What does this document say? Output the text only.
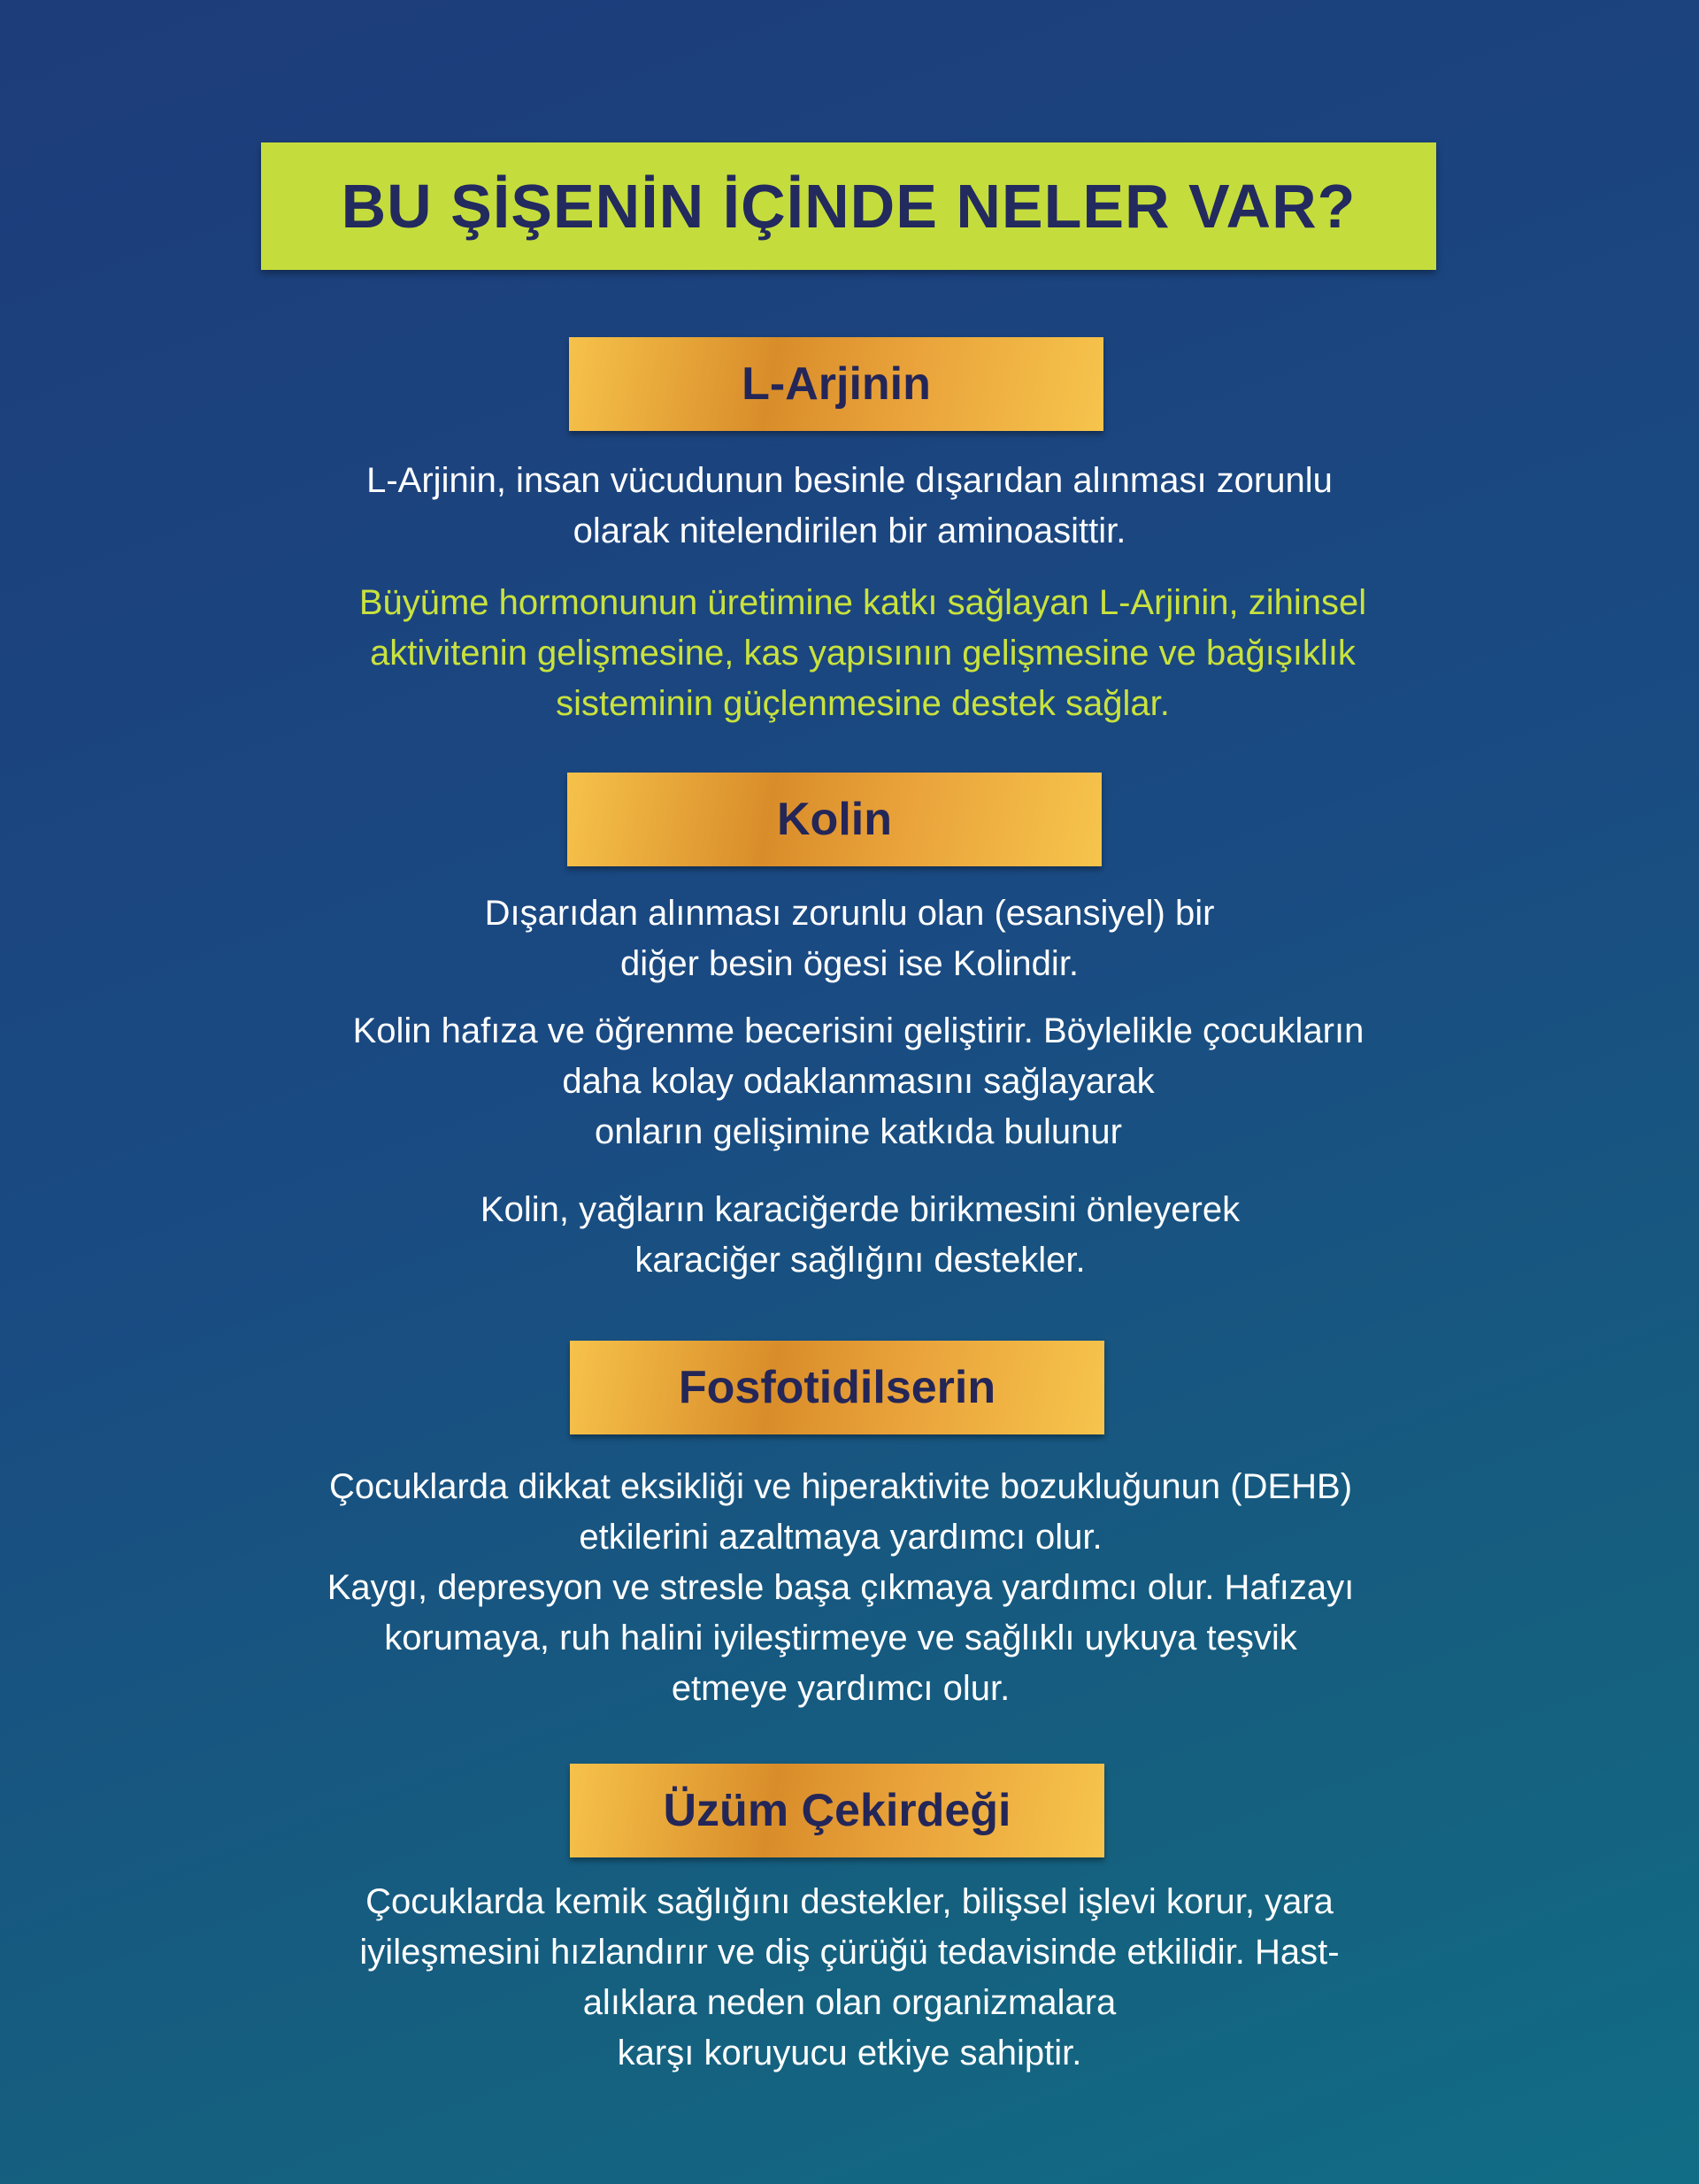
BU ŞİŞENİN İÇİNDE NELER VAR?
L-Arjinin
L-Arjinin, insan vücudunun besinle dışarıdan alınması zorunlu
olarak nitelendirilen bir aminoasittir.
Büyüme hormonunun üretimine katkı sağlayan L-Arjinin, zihinsel
aktivitenin gelişmesine, kas yapısının gelişmesine ve bağışıklık
sisteminin güçlenmesine destek sağlar.
Kolin
Dışarıdan alınması zorunlu olan (esansiyel) bir
diğer besin ögesi ise Kolindir.
Kolin hafıza ve öğrenme becerisini geliştirir. Böylelikle çocukların
daha kolay odaklanmasını sağlayarak
onların gelişimine katkıda bulunur
Kolin, yağların karaciğerde birikmesini önleyerek
karaciğer sağlığını destekler.
Fosfotidilserin
Çocuklarda dikkat eksikliği ve hiperaktivite bozukluğunun (DEHB)
etkilerini azaltmaya yardımcı olur.
Kaygı, depresyon ve stresle başa çıkmaya yardımcı olur. Hafızayı
korumaya, ruh halini iyileştirmeye ve sağlıklı uykuya teşvik
etmeye yardımcı olur.
Üzüm Çekirdeği
Çocuklarda kemik sağlığını destekler, bilişsel işlevi korur, yara
iyileşmesini hızlandırır ve diş çürüğü tedavisinde etkilidir. Hast-
alıklara neden olan organizmalara
karşı koruyucu etkiye sahiptir.
